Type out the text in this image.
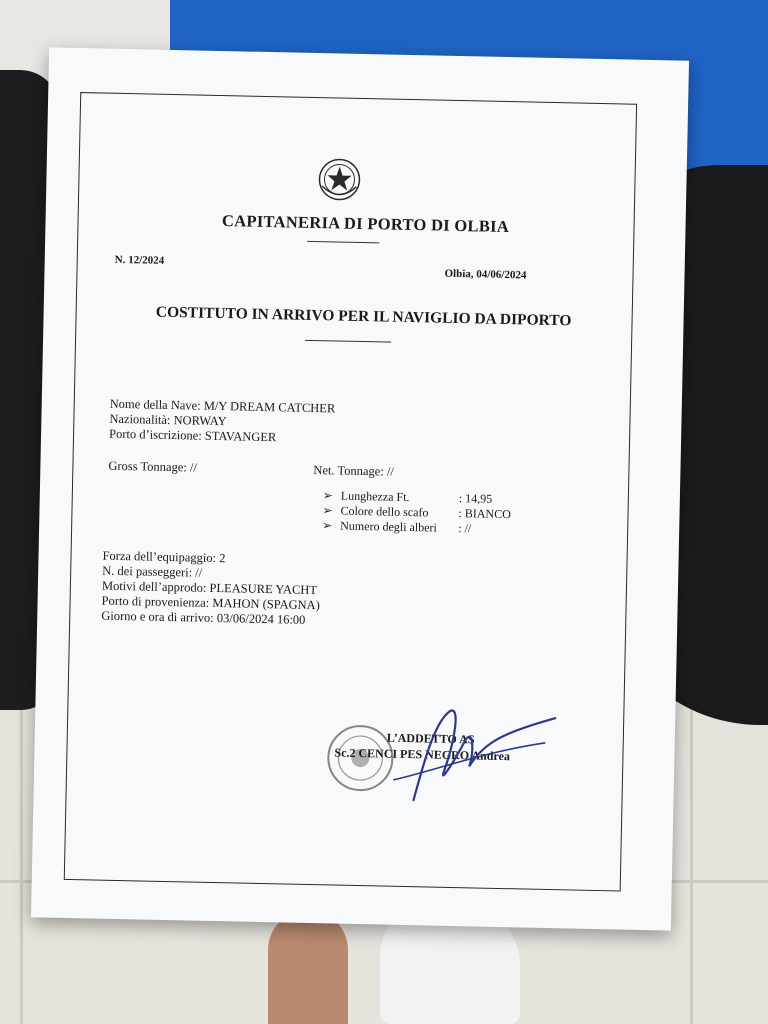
CAPITANERIA DI PORTO DI OLBIA
N. 12/2024
Olbia, 04/06/2024
COSTITUTO IN ARRIVO PER IL NAVIGLIO DA DIPORTO
Nome della Nave: M/Y DREAM CATCHER
Nazionalità: NORWAY
Porto d’iscrizione: STAVANGER
Gross Tonnage: //	Net. Tonnage: //
➢ Lunghezza Ft.	: 14,95
➢ Colore dello scafo : BIANCO
➢ Numero degli alberi : //
Forza dell’equipaggio: 2
N. dei passeggeri: //
Motivi dell’approdo: PLEASURE YACHT
Porto di provenienza: MAHON (SPAGNA)
Giorno e ora di arrivo: 03/06/2024 16:00
L’ADDETTO AS
Sc.2 CENCI PES NEGRO Andrea
